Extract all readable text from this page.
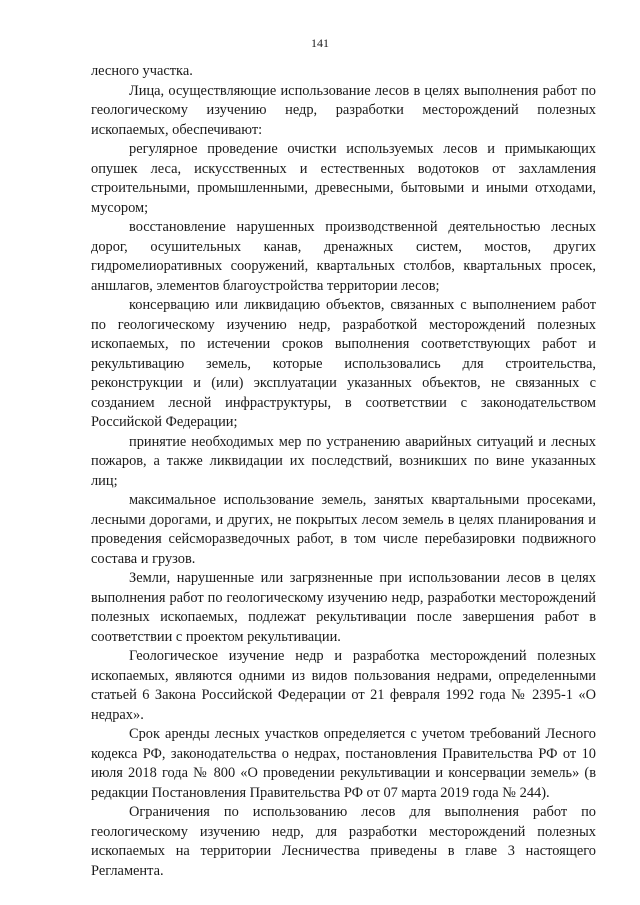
141

лесного участка.

Лица, осуществляющие использование лесов в целях выполнения работ по геологическому изучению недр, разработки месторождений полезных ископаемых, обеспечивают:

регулярное проведение очистки используемых лесов и примыкающих опушек леса, искусственных и естественных водотоков от захламления строительными, промышленными, древесными, бытовыми и иными отходами, мусором;

восстановление нарушенных производственной деятельностью лесных дорог, осушительных канав, дренажных систем, мостов, других гидромелиоративных сооружений, квартальных столбов, квартальных просек, аншлагов, элементов благоустройства территории лесов;

консервацию или ликвидацию объектов, связанных с выполнением работ по геологическому изучению недр, разработкой месторождений полезных ископаемых, по истечении сроков выполнения соответствующих работ и рекультивацию земель, которые использовались для строительства, реконструкции и (или) эксплуатации указанных объектов, не связанных с созданием лесной инфраструктуры, в соответствии с законодательством Российской Федерации;

принятие необходимых мер по устранению аварийных ситуаций и лесных пожаров, а также ликвидации их последствий, возникших по вине указанных лиц;

максимальное использование земель, занятых квартальными просеками, лесными дорогами, и других, не покрытых лесом земель в целях планирования и проведения сейсморазведочных работ, в том числе перебазировки подвижного состава и грузов.

Земли, нарушенные или загрязненные при использовании лесов в целях выполнения работ по геологическому изучению недр, разработки месторождений полезных ископаемых, подлежат рекультивации после завершения работ в соответствии с проектом рекультивации.

Геологическое изучение недр и разработка месторождений полезных ископаемых, являются одними из видов пользования недрами, определенными статьей 6 Закона Российской Федерации от 21 февраля 1992 года № 2395-1 «О недрах».

Срок аренды лесных участков определяется с учетом требований Лесного кодекса РФ, законодательства о недрах, постановления Правительства РФ от 10 июля 2018 года № 800 «О проведении рекультивации и консервации земель» (в редакции Постановления Правительства РФ от 07 марта 2019 года № 244).

Ограничения по использованию лесов для выполнения работ по геологическому изучению недр, для разработки месторождений полезных ископаемых на территории Лесничества приведены в главе 3 настоящего Регламента.
